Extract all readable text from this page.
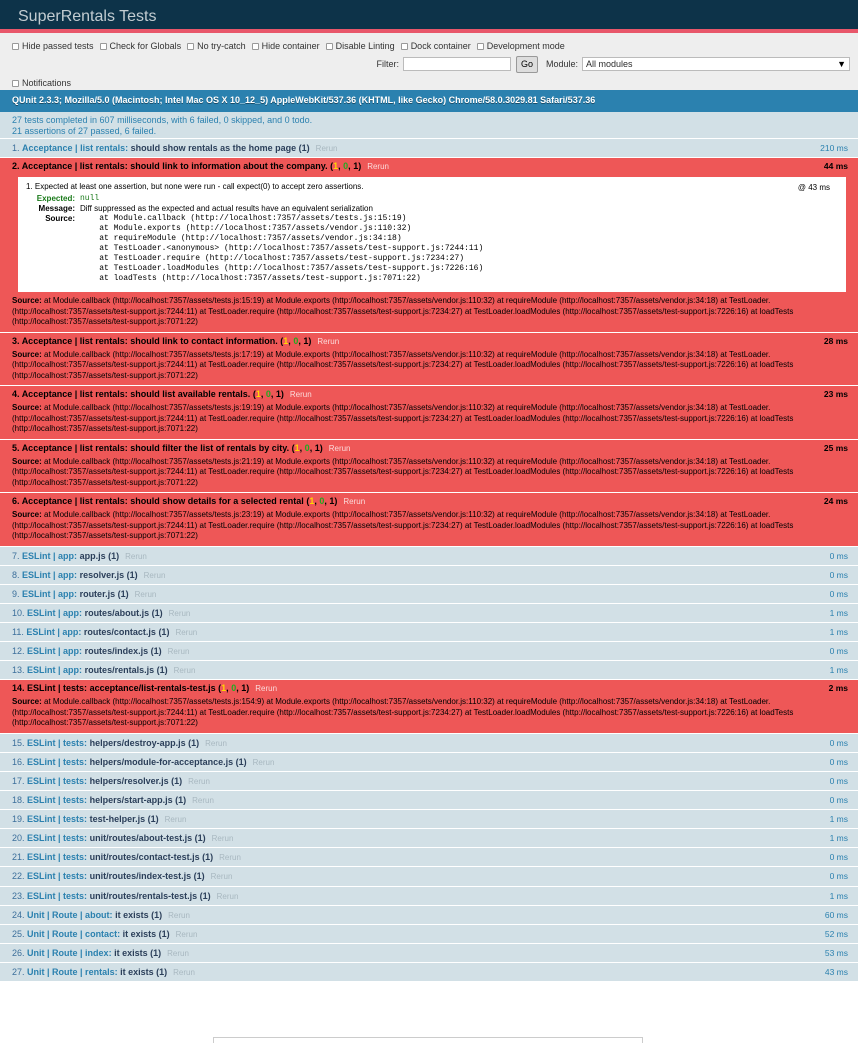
SuperRentals Tests
Hide passed tests Check for Globals No try-catch Hide container Disable Linting Dock container Development mode
Filter:	Go	Module: All modules	▼
Notifications
QUnit 2.3.3; Mozilla/5.0 (Macintosh; Intel Mac OS X 10_12_5) AppleWebKit/537.36 (KHTML, like Gecko) Chrome/58.0.3029.81 Safari/537.36
27 tests completed in 607 milliseconds, with 6 failed, 0 skipped, and 0 todo.
21 assertions of 27 passed, 6 failed.
1. Acceptance | list rentals: should show rentals as the home page (1) Rerun	210 ms
2. Acceptance | list rentals: should link to information about the company. (1, 0, 1) Rerun	44 ms
1. Expected at least one assertion, but none were run - call expect(0) to accept zero assertions.	@ 43 ms
Expected: null
Message: Diff suppressed as the expected and actual results have an equivalent serialization
Source:	at Module.callback (http://localhost:7357/assets/tests.js:15:19)
at Module.exports (http://localhost:7357/assets/vendor.js:110:32)
at requireModule (http://localhost:7357/assets/vendor.js:34:18)
at TestLoader.<anonymous> (http://localhost:7357/assets/test-support.js:7244:11)
at TestLoader.require (http://localhost:7357/assets/test-support.js:7234:27)
at TestLoader.loadModules (http://localhost:7357/assets/test-support.js:7226:16)
at loadTests (http://localhost:7357/assets/test-support.js:7071:22)
Source: at Module.callback (http://localhost:7357/assets/tests.js:15:19) at Module.exports (http://localhost:7357/assets/vendor.js:110:32) at requireModule (http://localhost:7357/assets/vendor.js:34:18) at TestLoader. (http://localhost:7357/assets/test-support.js:7244:11) at TestLoader.require (http://localhost:7357/assets/test-support.js:7234:27) at TestLoader.loadModules (http://localhost:7357/assets/test-support.js:7226:16) at loadTests (http://localhost:7357/assets/test-support.js:7071:22)
3. Acceptance | list rentals: should link to contact information. (1, 0, 1) Rerun	28 ms
Source: at Module.callback (http://localhost:7357/assets/tests.js:17:19) at Module.exports (http://localhost:7357/assets/vendor.js:110:32) at requireModule (http://localhost:7357/assets/vendor.js:34:18) at TestLoader. (http://localhost:7357/assets/test-support.js:7244:11) at TestLoader.require (http://localhost:7357/assets/test-support.js:7234:27) at TestLoader.loadModules (http://localhost:7357/assets/test-support.js:7226:16) at loadTests (http://localhost:7357/assets/test-support.js:7071:22)
4. Acceptance | list rentals: should list available rentals. (1, 0, 1) Rerun	23 ms
Source: at Module.callback (http://localhost:7357/assets/tests.js:19:19) at Module.exports (http://localhost:7357/assets/vendor.js:110:32) at requireModule (http://localhost:7357/assets/vendor.js:34:18) at TestLoader. (http://localhost:7357/assets/test-support.js:7244:11) at TestLoader.require (http://localhost:7357/assets/test-support.js:7234:27) at TestLoader.loadModules (http://localhost:7357/assets/test-support.js:7226:16) at loadTests (http://localhost:7357/assets/test-support.js:7071:22)
5. Acceptance | list rentals: should filter the list of rentals by city. (1, 0, 1) Rerun	25 ms
Source: at Module.callback (http://localhost:7357/assets/tests.js:21:19) at Module.exports (http://localhost:7357/assets/vendor.js:110:32) at requireModule (http://localhost:7357/assets/vendor.js:34:18) at TestLoader. (http://localhost:7357/assets/test-support.js:7244:11) at TestLoader.require (http://localhost:7357/assets/test-support.js:7234:27) at TestLoader.loadModules (http://localhost:7357/assets/test-support.js:7226:16) at loadTests (http://localhost:7357/assets/test-support.js:7071:22)
6. Acceptance | list rentals: should show details for a selected rental (1, 0, 1) Rerun	24 ms
Source: at Module.callback (http://localhost:7357/assets/tests.js:23:19) at Module.exports (http://localhost:7357/assets/vendor.js:110:32) at requireModule (http://localhost:7357/assets/vendor.js:34:18) at TestLoader. (http://localhost:7357/assets/test-support.js:7244:11) at TestLoader.require (http://localhost:7357/assets/test-support.js:7234:27) at TestLoader.loadModules (http://localhost:7357/assets/test-support.js:7226:16) at loadTests (http://localhost:7357/assets/test-support.js:7071:22)
7. ESLint | app: app.js (1) Rerun	0 ms
8. ESLint | app: resolver.js (1) Rerun	0 ms
9. ESLint | app: router.js (1) Rerun	0 ms
10. ESLint | app: routes/about.js (1) Rerun	1 ms
11. ESLint | app: routes/contact.js (1) Rerun	1 ms
12. ESLint | app: routes/index.js (1) Rerun	0 ms
13. ESLint | app: routes/rentals.js (1) Rerun	1 ms
14. ESLint | tests: acceptance/list-rentals-test.js (1, 0, 1) Rerun	2 ms
Source: at Module.callback (http://localhost:7357/assets/tests.js:154:9) at Module.exports (http://localhost:7357/assets/vendor.js:110:32) at requireModule (http://localhost:7357/assets/vendor.js:34:18) at TestLoader. (http://localhost:7357/assets/test-support.js:7244:11) at TestLoader.require (http://localhost:7357/assets/test-support.js:7234:27) at TestLoader.loadModules (http://localhost:7357/assets/test-support.js:7226:16) at loadTests (http://localhost:7357/assets/test-support.js:7071:22)
15. ESLint | tests: helpers/destroy-app.js (1) Rerun	0 ms
16. ESLint | tests: helpers/module-for-acceptance.js (1) Rerun	0 ms
17. ESLint | tests: helpers/resolver.js (1) Rerun	0 ms
18. ESLint | tests: helpers/start-app.js (1) Rerun	0 ms
19. ESLint | tests: test-helper.js (1) Rerun	1 ms
20. ESLint | tests: unit/routes/about-test.js (1) Rerun	1 ms
21. ESLint | tests: unit/routes/contact-test.js (1) Rerun	0 ms
22. ESLint | tests: unit/routes/index-test.js (1) Rerun	0 ms
23. ESLint | tests: unit/routes/rentals-test.js (1) Rerun	1 ms
24. Unit | Route | about: it exists (1) Rerun	60 ms
25. Unit | Route | contact: it exists (1) Rerun	52 ms
26. Unit | Route | index: it exists (1) Rerun	53 ms
27. Unit | Route | rentals: it exists (1) Rerun	43 ms
